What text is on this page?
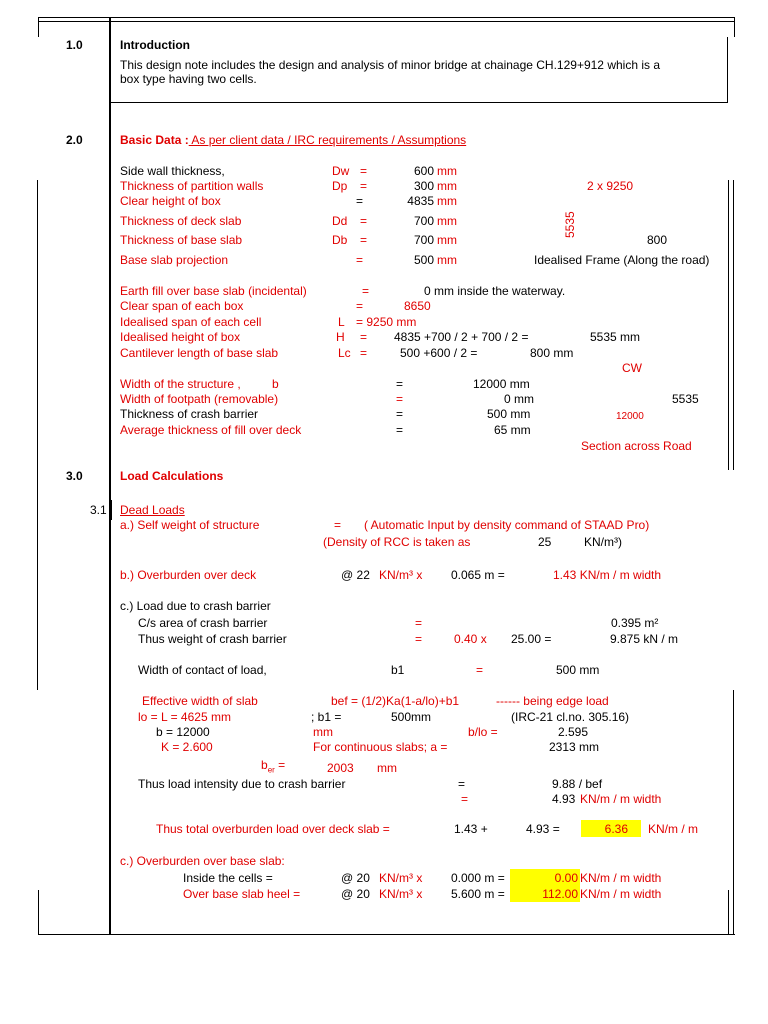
1.0	Introduction
This design note includes the design and analysis of minor bridge at chainage CH.129+912 which is a
box type having two cells.
2.0	Basic Data : As per client data / IRC requirements / Assumptions
Side wall thickness,	Dw =	600 mm
Thickness of partition walls	Dp =	300 mm
Clear height of box	=	4835 mm
Thickness of deck slab	Dd =	700 mm
Thickness of base slab	Db =	700 mm
Base slab projection	=	500 mm
2 x 9250
5535
800
Idealised Frame (Along the road)
Earth fill over base slab (incidental)	=	0 mm inside the waterway.
Clear span of each box	=	8650
Idealised span of each cell	L = 9250 mm
Idealised height of box	H = 4835 +700 / 2 + 700 / 2 =	5535 mm
Cantilever length of base slab	Lc =	500 +600 / 2 =	800 mm
CW
Width of the structure ,	b	=	12000 mm
Width of footpath (removable)	=	0 mm	5535
Thickness of crash barrier	=	500 mm	12000
Average thickness of fill over deck	=	65 mm
Section across Road
3.0	Load Calculations
3.1 Dead Loads
a.) Self weight of structure	= ( Automatic Input by density command of STAAD Pro)
(Density of RCC is taken as	25	KN/m³)
b.) Overburden over deck	@ 22 KN/m³ x 0.065 m =	1.43 KN/m / m width
c.) Load due to crash barrier
C/s area of crash barrier	=	0.395 m²
Thus weight of crash barrier	=	0.40 x 25.00 =	9.875 kN / m
Width of contact of load,	b1	=	500 mm
Effective width of slab	bef = (1/2)Ka(1-a/lo)+b1	------ being edge load
lo = L = 4625 mm	; b1 =	500mm	(IRC-21 cl.no. 305.16)
b = 12000	mm	b/lo =	2.595
K = 2.600	For continuous slabs; a =	2313 mm
$b_{er}$ =	2003 mm
Thus load intensity due to crash barrier	=	9.88 / bef
=	4.93 KN/m / m width
Thus total overburden load over deck slab =	1.43 +	4.93 =	6.36 KN/m / m
c.) Overburden over base slab:
Inside the cells =	@ 20 KN/m³ x 0.000 m =	0.00 KN/m / m width
Over base slab heel =	@ 20 KN/m³ x 5.600 m =	112.00 KN/m / m width
